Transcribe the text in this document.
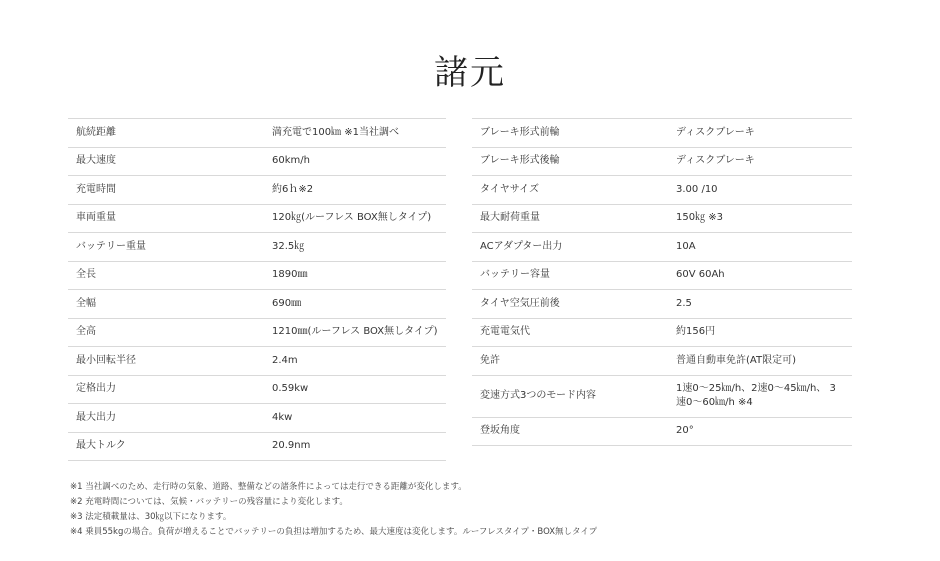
諸元
航続距離	満充電で100㎞ ※1当社調べ
最大速度	60km/h
充電時間	約6ｈ※2
車両重量	120㎏(ルーフレス BOX無しタイプ)
バッテリー重量	32.5㎏
全長	1890㎜
全幅	690㎜
全高	1210㎜(ルーフレス BOX無しタイプ)
最小回転半径	2.4m
定格出力	0.59kw
最大出力	4kw
最大トルク	20.9nm
ブレーキ形式前輪	ディスクブレーキ
ブレーキ形式後輪	ディスクブレーキ
タイヤサイズ	3.00 /10
最大耐荷重量	150㎏ ※3
ACアダプター出力	10A
バッテリー容量	60V 60Ah
タイヤ空気圧前後	2.5
充電電気代	約156円
免許	普通自動車免許(AT限定可)
変速方式3つのモード内容	1速0〜25㎞/h、2速0〜45㎞/h、 3速0〜60㎞/h ※4
登坂角度	20°
※1 当社調べのため、走行時の気象、道路、整備などの諸条件によっては走行できる距離が変化します。
※2 充電時間については、気候・バッテリーの残容量により変化します。
※3 法定積載量は、30㎏以下になります。
※4 乗員55kgの場合。負荷が増えることでバッテリーの負担は増加するため、最大速度は変化します。ルーフレスタイプ・BOX無しタイプ
